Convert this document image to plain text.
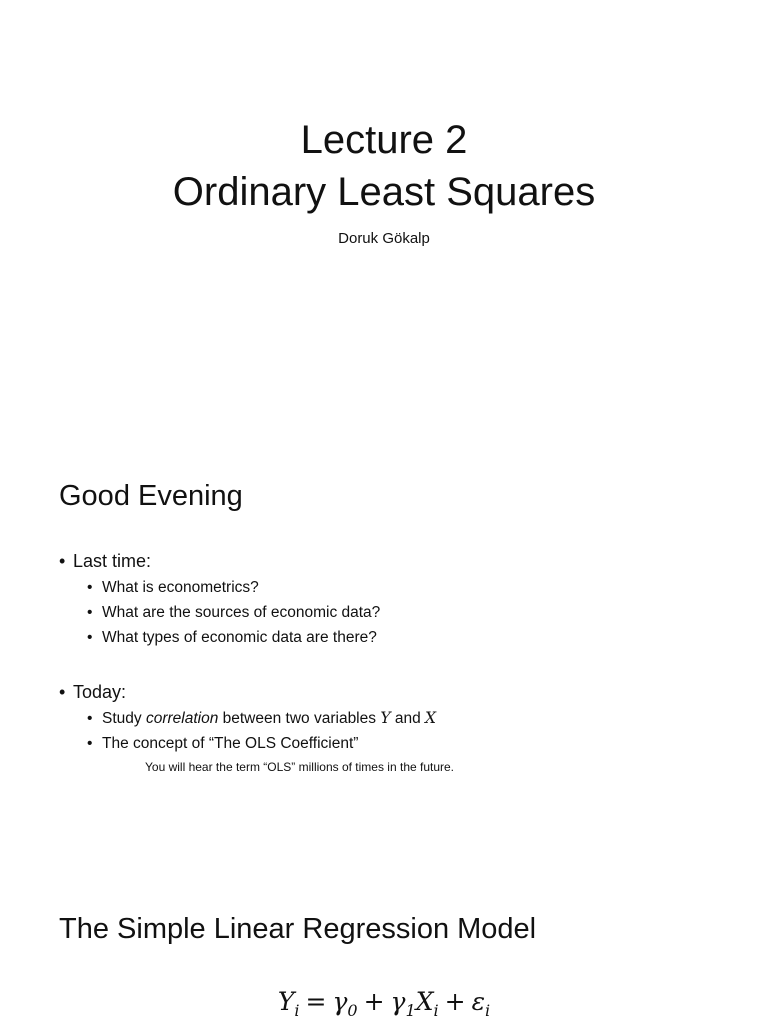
Lecture 2
Ordinary Least Squares
Doruk Gökalp
Good Evening
• Last time:
• What is econometrics?
• What are the sources of economic data?
• What types of economic data are there?
• Today:
• Study correlation between two variables Y and X
• The concept of “The OLS Coefficient”
You will hear the term “OLS” millions of times in the future.
The Simple Linear Regression Model
$Y_i = \gamma_0 + \gamma_1X_i + \varepsilon_i$
